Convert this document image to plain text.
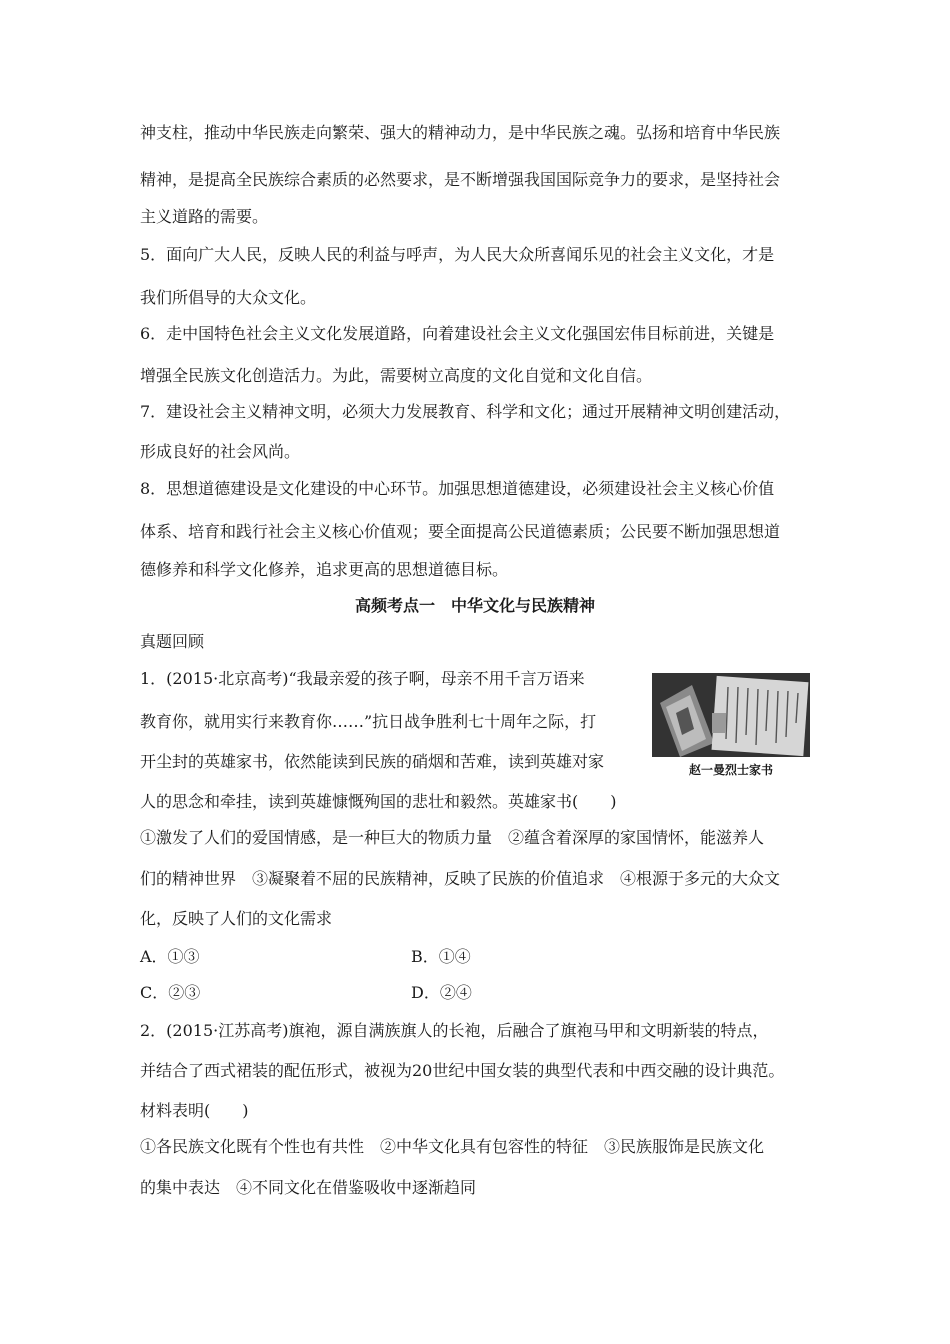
神支柱，推动中华民族走向繁荣、强大的精神动力，是中华民族之魂。弘扬和培育中华民族
精神，是提高全民族综合素质的必然要求，是不断增强我国国际竞争力的要求，是坚持社会
主义道路的需要。
5．面向广大人民，反映人民的利益与呼声，为人民大众所喜闻乐见的社会主义文化，才是
我们所倡导的大众文化。
6．走中国特色社会主义文化发展道路，向着建设社会主义文化强国宏伟目标前进，关键是
增强全民族文化创造活力。为此，需要树立高度的文化自觉和文化自信。
7．建设社会主义精神文明，必须大力发展教育、科学和文化；通过开展精神文明创建活动，
形成良好的社会风尚。
8．思想道德建设是文化建设的中心环节。加强思想道德建设，必须建设社会主义核心价值
体系、培育和践行社会主义核心价值观；要全面提高公民道德素质；公民要不断加强思想道
德修养和科学文化修养，追求更高的思想道德目标。
高频考点一　中华文化与民族精神
真题回顾
1．(2015·北京高考)“我最亲爱的孩子啊，母亲不用千言万语来
教育你，就用实行来教育你……”抗日战争胜利七十周年之际，打
开尘封的英雄家书，依然能读到民族的硝烟和苦难，读到英雄对家
人的思念和牵挂，读到英雄慷慨殉国的悲壮和毅然。英雄家书(　　)
①激发了人们的爱国情感，是一种巨大的物质力量　②蕴含着深厚的家国情怀，能滋养人
们的精神世界　③凝聚着不屈的民族精神，反映了民族的价值追求　④根源于多元的大众文
化，反映了人们的文化需求
赵一曼烈士家书
A．①③	B．①④
C．②③	D．②④
2．(2015·江苏高考)旗袍，源自满族旗人的长袍，后融合了旗袍马甲和文明新装的特点，
并结合了西式裙装的配伍形式，被视为20世纪中国女装的典型代表和中西交融的设计典范。
材料表明(　　)
①各民族文化既有个性也有共性　②中华文化具有包容性的特征　③民族服饰是民族文化
的集中表达　④不同文化在借鉴吸收中逐渐趋同
